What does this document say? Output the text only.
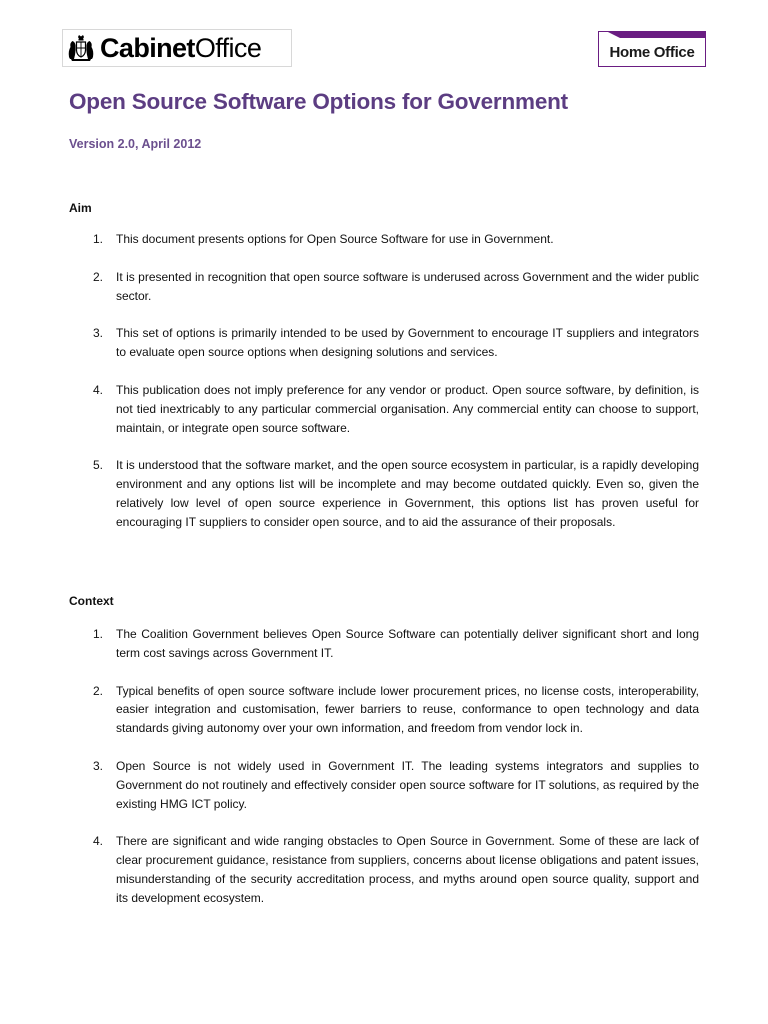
CabinetOffice	Home Office
Open Source Software Options for Government
Version 2.0, April 2012
Aim
1. This document presents options for Open Source Software for use in Government.
2. It is presented in recognition that open source software is underused across Government and the wider public sector.
3. This set of options is primarily intended to be used by Government to encourage IT suppliers and integrators to evaluate open source options when designing solutions and services.
4. This publication does not imply preference for any vendor or product. Open source software, by definition, is not tied inextricably to any particular commercial organisation. Any commercial entity can choose to support, maintain, or integrate open source software.
5. It is understood that the software market, and the open source ecosystem in particular, is a rapidly developing environment and any options list will be incomplete and may become outdated quickly. Even so, given the relatively low level of open source experience in Government, this options list has proven useful for encouraging IT suppliers to consider open source, and to aid the assurance of their proposals.
Context
1. The Coalition Government believes Open Source Software can potentially deliver significant short and long term cost savings across Government IT.
2. Typical benefits of open source software include lower procurement prices, no license costs, interoperability, easier integration and customisation, fewer barriers to reuse, conformance to open technology and data standards giving autonomy over your own information, and freedom from vendor lock in.
3. Open Source is not widely used in Government IT. The leading systems integrators and supplies to Government do not routinely and effectively consider open source software for IT solutions, as required by the existing HMG ICT policy.
4. There are significant and wide ranging obstacles to Open Source in Government. Some of these are lack of clear procurement guidance, resistance from suppliers, concerns about license obligations and patent issues, misunderstanding of the security accreditation process, and myths around open source quality, support and its development ecosystem.
